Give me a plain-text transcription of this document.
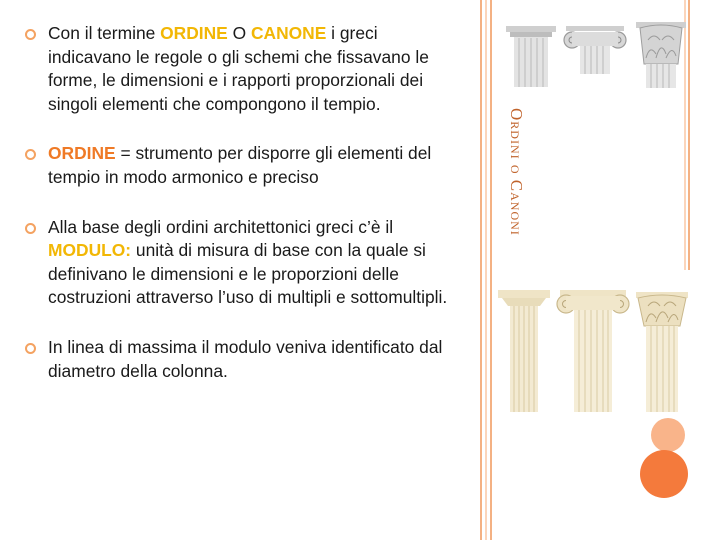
Con il termine ORDINE O CANONE i greci indicavano le regole o gli schemi che fissavano le forme, le dimensioni e i rapporti proporzionali dei singoli elementi che compongono il tempio.
ORDINE = strumento per disporre gli elementi del tempio in modo armonico e preciso
Alla base degli ordini architettonici greci c’è il MODULO: unità di misura di base con la quale si definivano le dimensioni e le proporzioni delle costruzioni attraverso l’uso di multipli e sottomultipli.
In linea di massima il modulo veniva identificato dal diametro della colonna.
Ordini o Canoni
